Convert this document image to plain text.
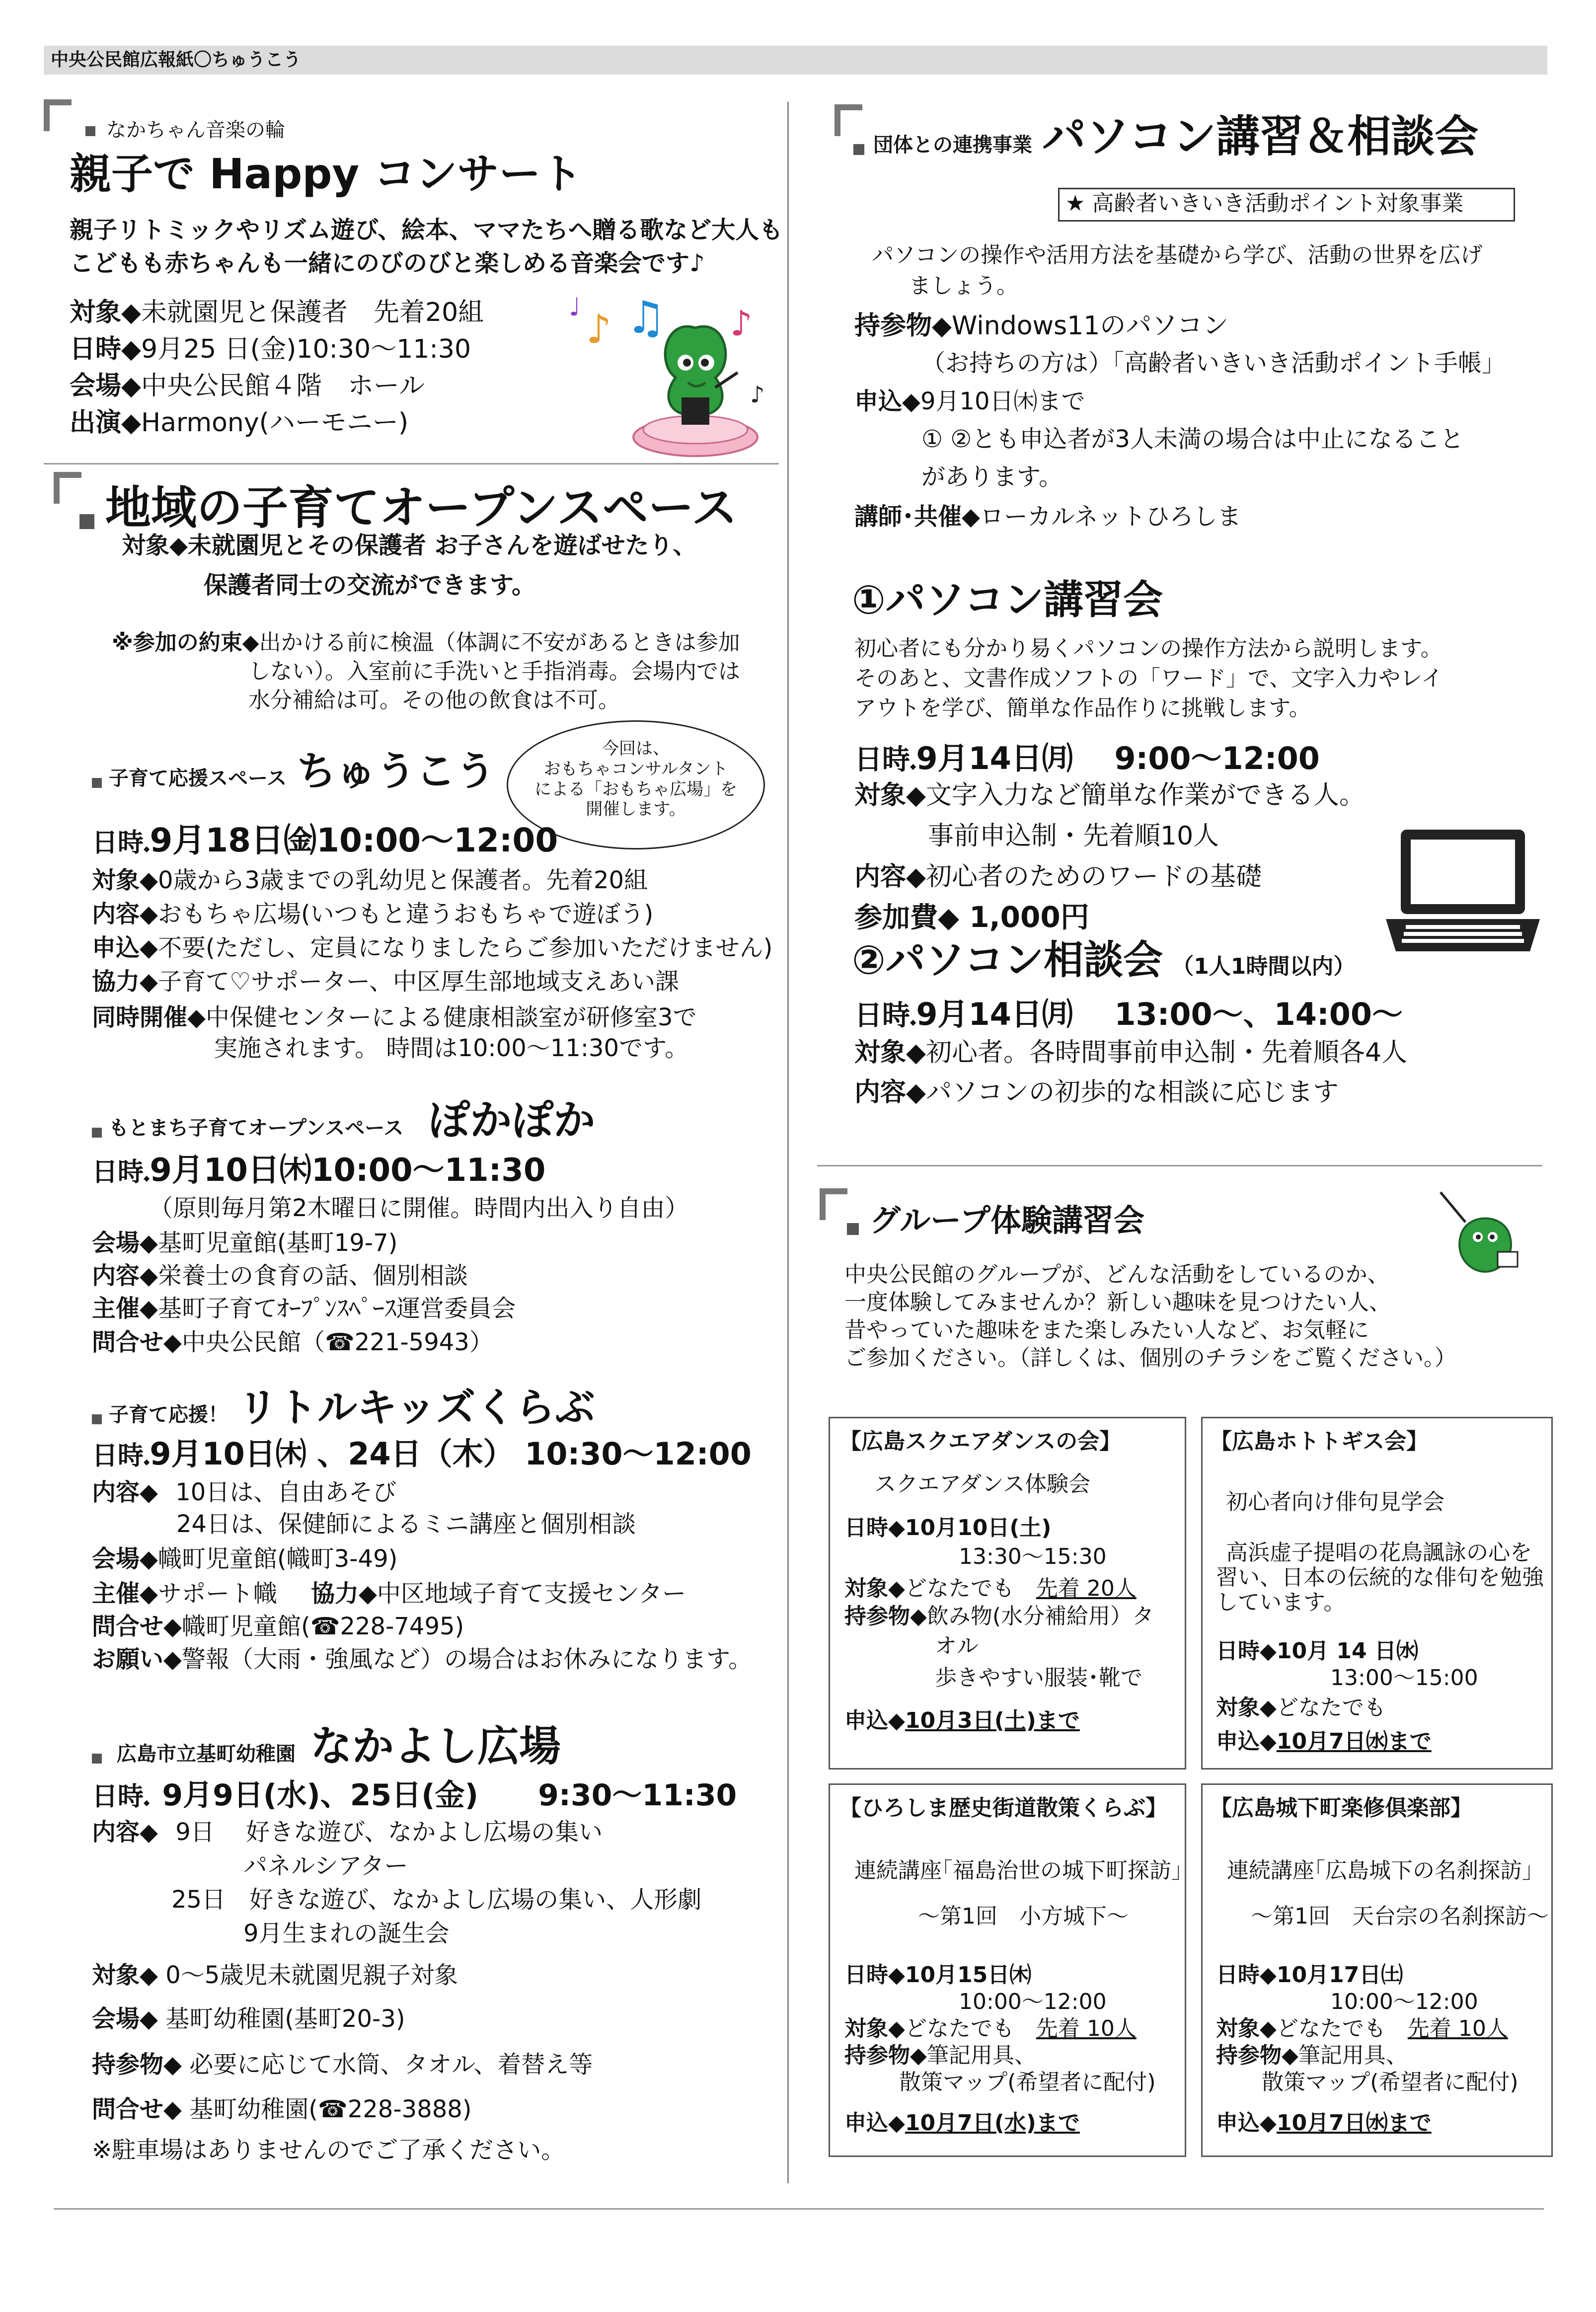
中央公民館広報紙〇ちゅうこう
なかちゃん音楽の輪
親子で Happy コンサート
親子リトミックやリズム遊び、絵本、ママたちへ贈る歌など大人も
こどもも赤ちゃんも一緒にのびのびと楽しめる音楽会です♪
対象◆未就園児と保護者　先着20組
日時◆9月25 日(金)10:30～11:30
会場◆中央公民館４階　ホール
出演◆Harmony(ハーモニー)
♪ ♫ ♪
♩
♪
地域の子育てオープンスペース
対象◆未就園児とその保護者 お子さんを遊ばせたり、
保護者同士の交流ができます。
※参加の約束◆出かける前に検温（体調に不安があるときは参加
しない）。入室前に手洗いと手指消毒。会場内では
水分補給は可。その他の飲食は不可。
子育て応援スペース ちゅうこう	今回は、
おもちゃコンサルタント
による「おもちゃ広場」を
開催します。
日時◆9月18日㈮10:00～12:00
対象◆0歳から3歳までの乳幼児と保護者。先着20組
内容◆おもちゃ広場(いつもと違うおもちゃで遊ぼう)
申込◆不要(ただし、定員になりましたらご参加いただけません)
協力◆子育て♡サポーター、中区厚生部地域支えあい課
同時開催◆中保健センターによる健康相談室が研修室3で
実施されます。 時間は10:00～11:30です。
もとまち子育てオープンスペース ぽかぽか
日時◆9月10日㈭10:00～11:30
（原則毎月第2木曜日に開催。時間内出入り自由）
会場◆基町児童館(基町19-7)
内容◆栄養士の食育の話、個別相談
主催◆基町子育てｵｰﾌﾟﾝｽﾍﾟｰｽ運営委員会
問合せ◆中央公民館（☎221-5943）
子育て応援！ リトルキッズくらぶ
日時◆9月10日㈭ 、24日（木） 10:30～12:00
内容◆ 10日は、自由あそび
24日は、保健師によるミニ講座と個別相談
会場◆幟町児童館(幟町3-49)
主催◆サポート幟　協力◆中区地域子育て支援センター
問合せ◆幟町児童館(☎228-7495)
お願い◆警報（大雨・強風など）の場合はお休みになります。
広島市立基町幼稚園 なかよし広場
日時◆ 9月9日(水)、25日(金)　　9:30～11:30
内容◆ 9日　 好きな遊び、なかよし広場の集い
パネルシアター
25日　好きな遊び、なかよし広場の集い、人形劇
9月生まれの誕生会
対象◆ 0～5歳児未就園児親子対象
会場◆ 基町幼稚園(基町20-3)
持参物◆ 必要に応じて水筒、タオル、着替え等
問合せ◆ 基町幼稚園(☎228-3888)
※駐車場はありませんのでご了承ください。
団体との連携事業 パソコン講習＆相談会
★ 高齢者いきいき活動ポイント対象事業
パソコンの操作や活用方法を基礎から学び、活動の世界を広げ
ましょう。
持参物◆Windows11のパソコン
（お持ちの方は）「高齢者いきいき活動ポイント手帳」
申込◆9月10日㈭まで
① ②とも申込者が3人未満の場合は中止になること
があります。
講師･共催◆ローカルネットひろしま
①パソコン講習会
初心者にも分かり易くパソコンの操作方法から説明します。
そのあと、文書作成ソフトの「ワード」で、文字入力やレイ
アウトを学び、簡単な作品作りに挑戦します。
日時◆9月14日㈪　 9:00～12:00
対象◆文字入力など簡単な作業ができる人。
事前申込制・先着順10人
内容◆初心者のためのワードの基礎
参加費◆ 1,000円
②パソコン相談会 （1人1時間以内）
日時◆9月14日㈪　 13:00～、14:00～
対象◆初心者。各時間事前申込制・先着順各4人
内容◆パソコンの初歩的な相談に応じます
グループ体験講習会
中央公民館のグループが、どんな活動をしているのか、
一度体験してみませんか？新しい趣味を見つけたい人、
昔やっていた趣味をまた楽しみたい人など、お気軽に
ご参加ください。（詳しくは、個別のチラシをご覧ください。）
【広島スクエアダンスの会】
スクエアダンス体験会
日時◆10月10日(土)
13:30～15:30
対象◆どなたでも　先着 20人
持参物◆飲み物(水分補給用）タ
オル
歩きやすい服装･靴で
申込◆10月3日(土)まで
【広島ホトトギス会】
初心者向け俳句見学会
高浜虚子提唱の花鳥諷詠の心を
習い、日本の伝統的な俳句を勉強
しています。
日時◆10月 14 日㈬
13:00～15:00
対象◆どなたでも
申込◆10月7日㈬まで
【ひろしま歴史街道散策くらぶ】
連続講座｢福島治世の城下町探訪｣
～第1回　小方城下～
日時◆10月15日㈭
10:00～12:00
対象◆どなたでも　先着 10人
持参物◆筆記用具、
散策マップ(希望者に配付)
申込◆10月7日(水)まで
【広島城下町楽修倶楽部】
連続講座｢広島城下の名刹探訪｣
～第1回　天台宗の名刹探訪～
日時◆10月17日㈯
10:00～12:00
対象◆どなたでも　先着 10人
持参物◆筆記用具、
散策マップ(希望者に配付)
申込◆10月7日㈬まで
